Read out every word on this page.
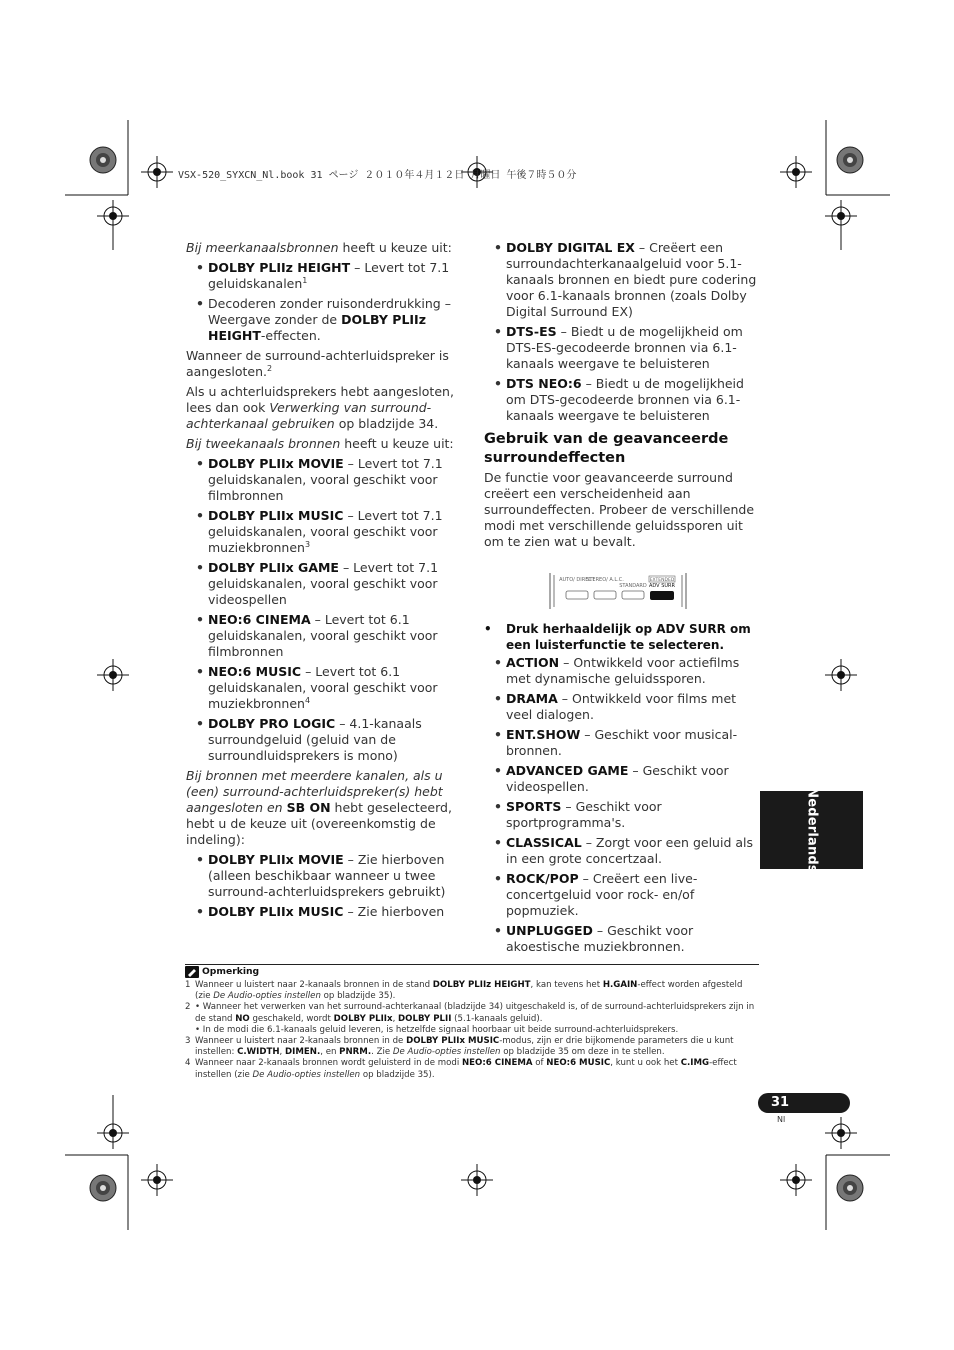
VSX-520_SYXCN_Nl.book 31 ページ ２０１０年４月１２日 月曜日 午後７時５０分

Bij meerkanaalsbronnen heeft u keuze uit:

• DOLBY PLIIz HEIGHT – Levert tot 7.1 geluidskanalen$^1$
• Decoderen zonder ruisonderdrukking – Weergave zonder de DOLBY PLIIz HEIGHT-effecten.

Wanneer de surround-achterluidspreker is aangesloten.$^2$

Als u achterluidsprekers hebt aangesloten, lees dan ook Verwerking van surround-achterkanaal gebruiken op bladzijde 34.

Bij tweekanaals bronnen heeft u keuze uit:

• DOLBY PLIIx MOVIE – Levert tot 7.1 geluidskanalen, vooral geschikt voor filmbronnen
• DOLBY PLIIx MUSIC – Levert tot 7.1 geluidskanalen, vooral geschikt voor muziekbronnen$^3$
• DOLBY PLIIx GAME – Levert tot 7.1 geluidskanalen, vooral geschikt voor videospellen
• NEO:6 CINEMA – Levert tot 6.1 geluidskanalen, vooral geschikt voor filmbronnen
• NEO:6 MUSIC – Levert tot 6.1 geluidskanalen, vooral geschikt voor muziekbronnen$^4$
• DOLBY PRO LOGIC – 4.1-kanaals surroundgeluid (geluid van de surroundluidsprekers is mono)

Bij bronnen met meerdere kanalen, als u (een) surround-achterluidspreker(s) hebt aangesloten en SB ON hebt geselecteerd, hebt u de keuze uit (overeenkomstig de indeling):

• DOLBY PLIIx MOVIE – Zie hierboven (alleen beschikbaar wanneer u twee surround-achterluidsprekers gebruikt)
• DOLBY PLIIx MUSIC – Zie hierboven
• DOLBY DIGITAL EX – Creëert een surroundachterkanaalgeluid voor 5.1-kanaals bronnen en biedt pure codering voor 6.1-kanaals bronnen (zoals Dolby Digital Surround EX)
• DTS-ES – Biedt u de mogelijkheid om DTS-ES-gecodeerde bronnen via 6.1-kanaals weergave te beluisteren
• DTS NEO:6 – Biedt u de mogelijkheid om DTS-gecodeerde bronnen via 6.1-kanaals weergave te beluisteren
Gebruik van de geavanceerde surroundeffecten

De functie voor geavanceerde surround creëert een verscheidenheid aan surroundeffecten. Probeer de verschillende modi met verschillende geluidssporen uit om te zien wat u bevalt.

AUTO/ DIRECT
STEREO/ A.L.C.
STANDARD
EXTENDED
ADV SURR
• Druk herhaaldelijk op ADV SURR om een luisterfunctie te selecteren.
• ACTION – Ontwikkeld voor actiefilms met dynamische geluidssporen.
• DRAMA – Ontwikkeld voor films met veel dialogen.
• ENT.SHOW – Geschikt voor musical-bronnen.
• ADVANCED GAME – Geschikt voor videospellen.
• SPORTS – Geschikt voor sportprogramma's.
• CLASSICAL – Zorgt voor een geluid als in een grote concertzaal.
• ROCK/POP – Creëert een live-concertgeluid voor rock- en/of popmuziek.
• UNPLUGGED – Geschikt voor akoestische muziekbronnen.
Nederlands
Opmerking
1 Wanneer u luistert naar 2-kanaals bronnen in de stand DOLBY PLIIz HEIGHT, kan tevens het H.GAIN-effect worden afgesteld (zie De Audio-opties instellen op bladzijde 35).
2 • Wanneer het verwerken van het surround-achterkanaal (bladzijde 34) uitgeschakeld is, of de surround-achterluidsprekers zijn in de stand NO geschakeld, wordt DOLBY PLIIx, DOLBY PLII (5.1-kanaals geluid).
• In de modi die 6.1-kanaals geluid leveren, is hetzelfde signaal hoorbaar uit beide surround-achterluidsprekers.
3 Wanneer u luistert naar 2-kanaals bronnen in de DOLBY PLIIx MUSIC-modus, zijn er drie bijkomende parameters die u kunt instellen: C.WIDTH, DIMEN., en PNRM.. Zie De Audio-opties instellen op bladzijde 35 om deze in te stellen.
4 Wanneer naar 2-kanaals bronnen wordt geluisterd in de modi NEO:6 CINEMA of NEO:6 MUSIC, kunt u ook het C.IMG-effect instellen (zie De Audio-opties instellen op bladzijde 35).
31
Nl
